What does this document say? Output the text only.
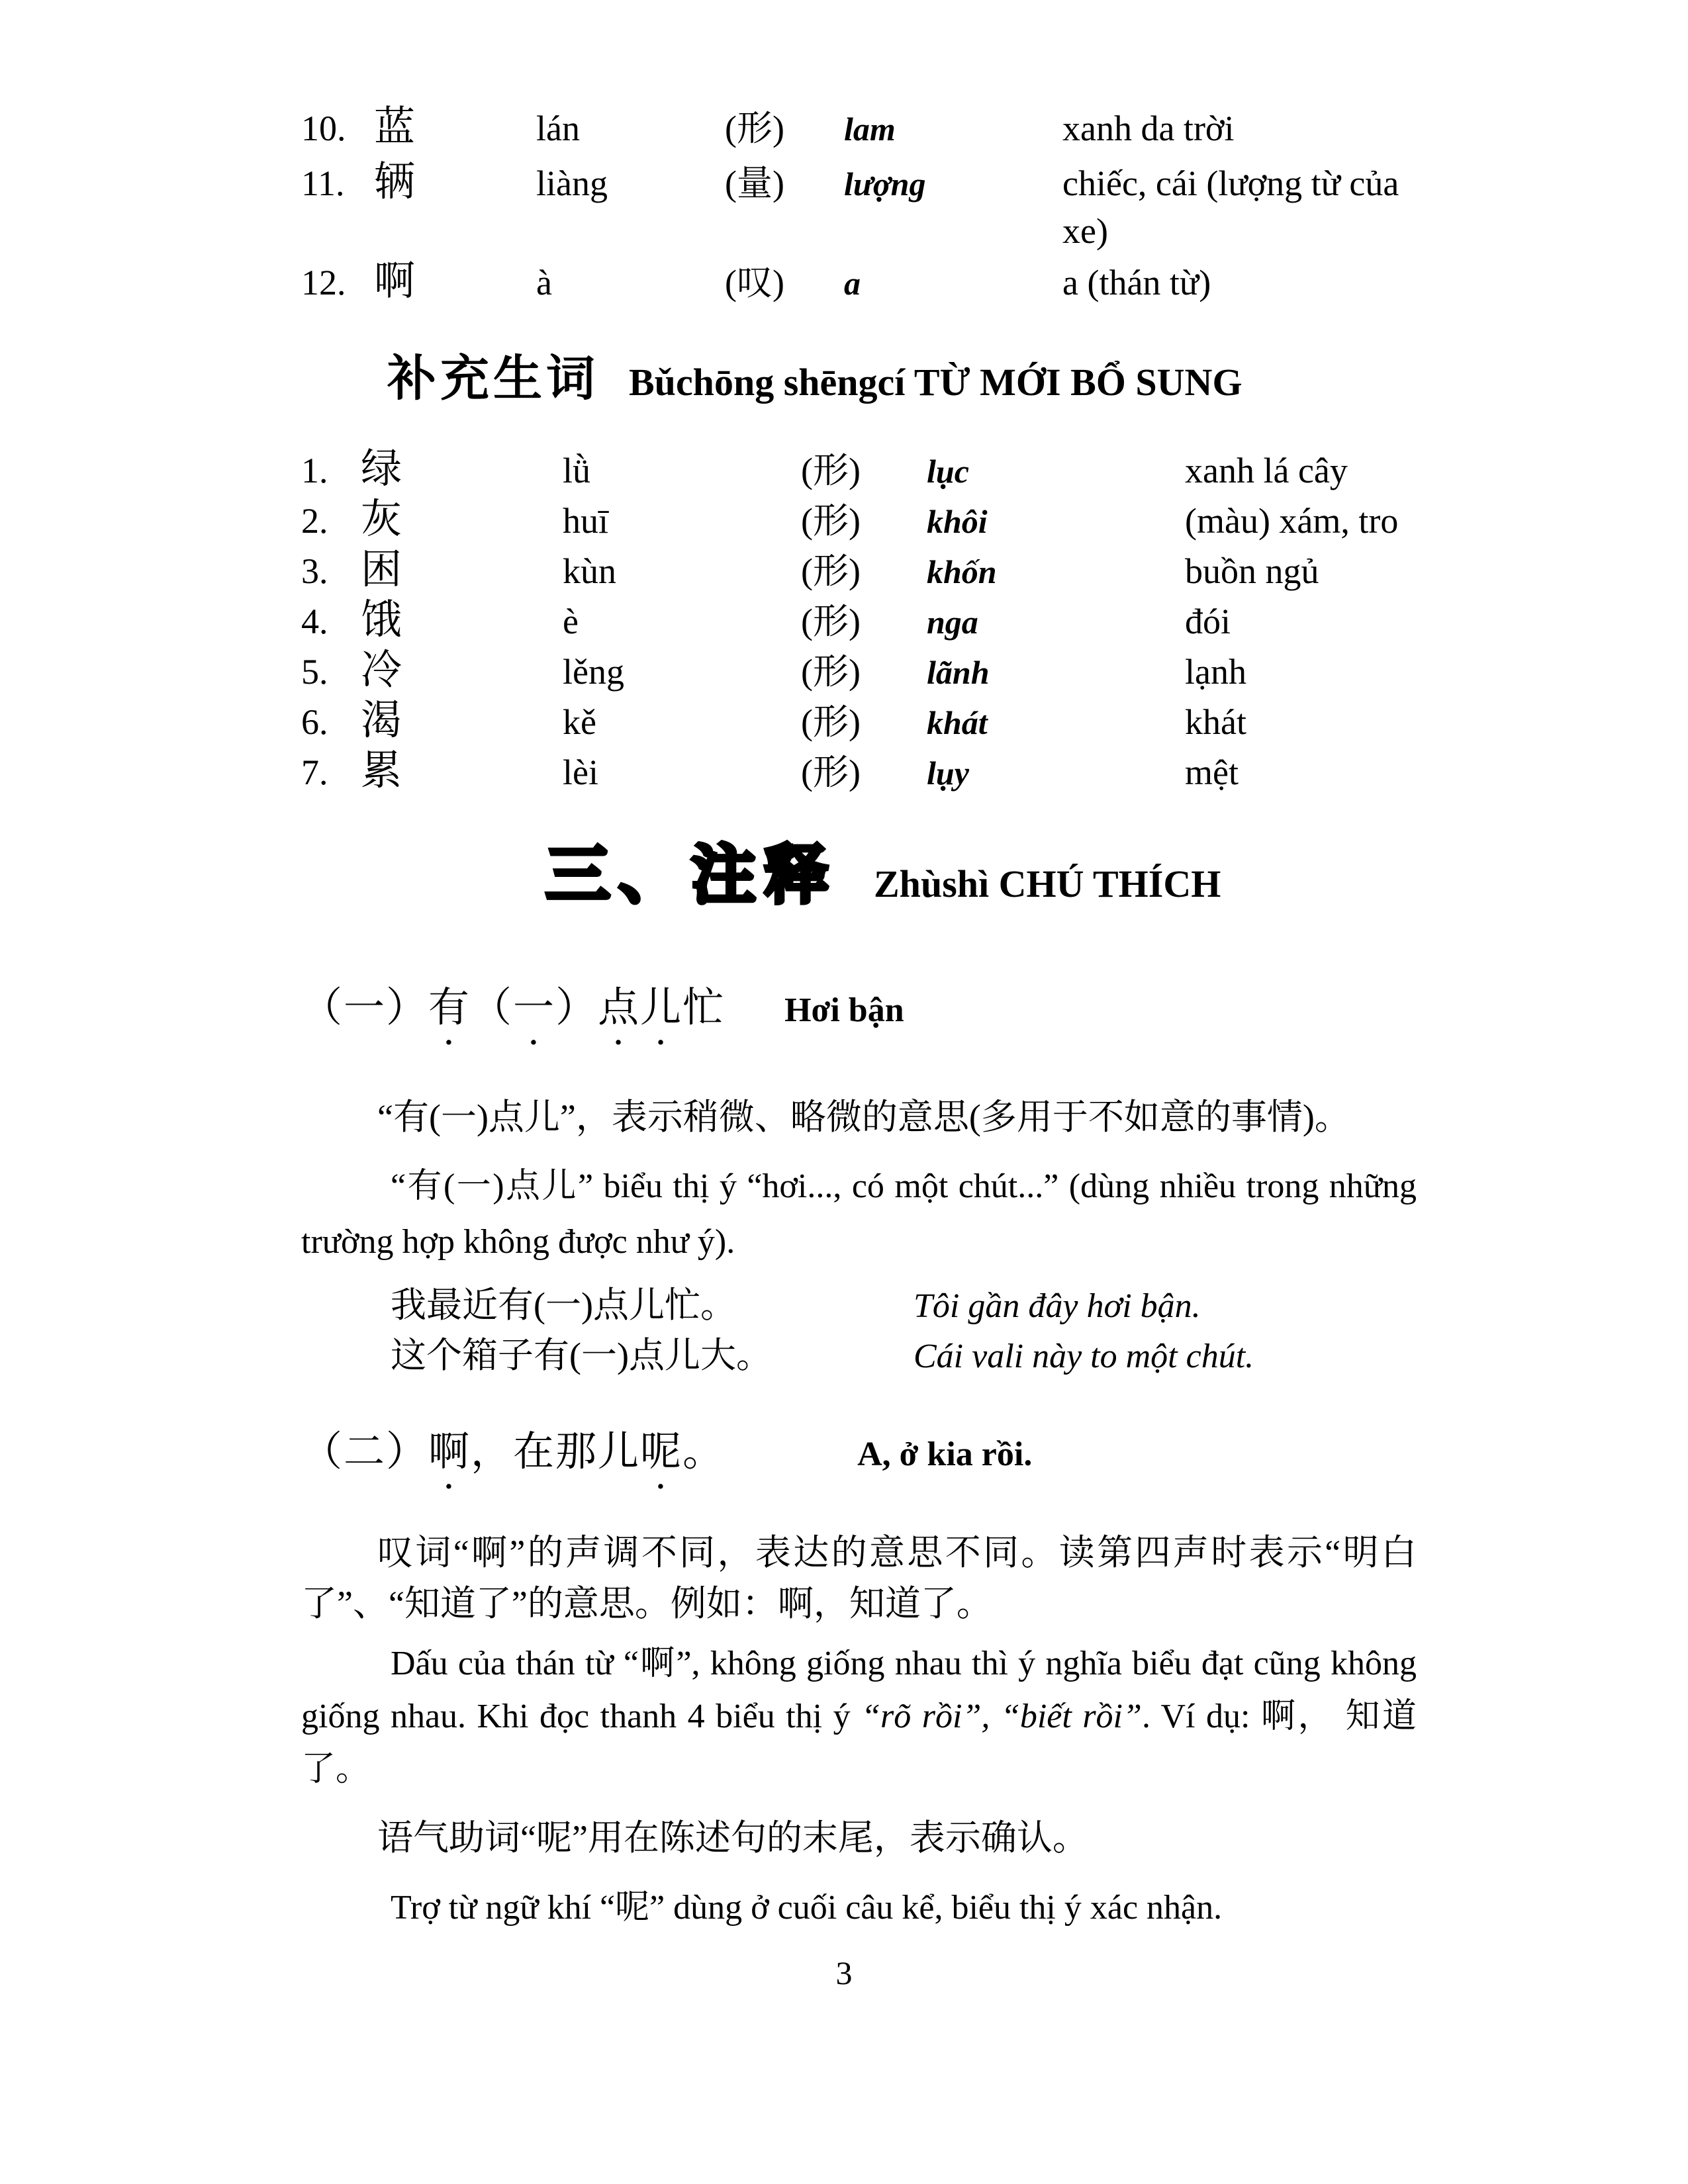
10. 蓝	lán	(形)	lam	xanh da trời
11. 辆	liàng	(量)	lượng	chiếc, cái (lượng từ của xe)
12. 啊	à	(叹)	a	a (thán từ)
补充生词 Bǔchōng shēngcí TỪ MỚI BỔ SUNG
1. 绿	lǜ	(形)	lục	xanh lá cây
2. 灰	huī	(形)	khôi	(màu) xám, tro
3. 困	kùn	(形)	khốn	buồn ngủ
4. 饿	è	(形)	nga	đói
5. 冷	lěng	(形)	lãnh	lạnh
6. 渴	kě	(形)	khát	khát
7. 累	lèi	(形)	lụy	mệt
三、注释 Zhùshì CHÚ THÍCH
（一）有（一）点儿忙 Hơi bận

“有(一)点儿”，表示稍微、略微的意思(多用于不如意的事情)。

“有(一)点儿” biểu thị ý “hơi..., có một chút...” (dùng nhiều trong những trường hợp không được như ý).

我最近有(一)点儿忙。	Tôi gần đây hơi bận.
这个箱子有(一)点儿大。	Cái vali này to một chút.
（二）啊，在那儿呢。	A, ở kia rồi.

叹词“啊”的声调不同，表达的意思不同。读第四声时表示“明白了”、“知道了”的意思。例如：啊，知道了。

Dấu của thán từ “啊”, không giống nhau thì ý nghĩa biểu đạt cũng không giống nhau. Khi đọc thanh 4 biểu thị ý “rõ rồi”, “biết rồi”. Ví dụ: 啊， 知道了。

语气助词“呢”用在陈述句的末尾，表示确认。

Trợ từ ngữ khí “呢” dùng ở cuối câu kể, biểu thị ý xác nhận.

3
